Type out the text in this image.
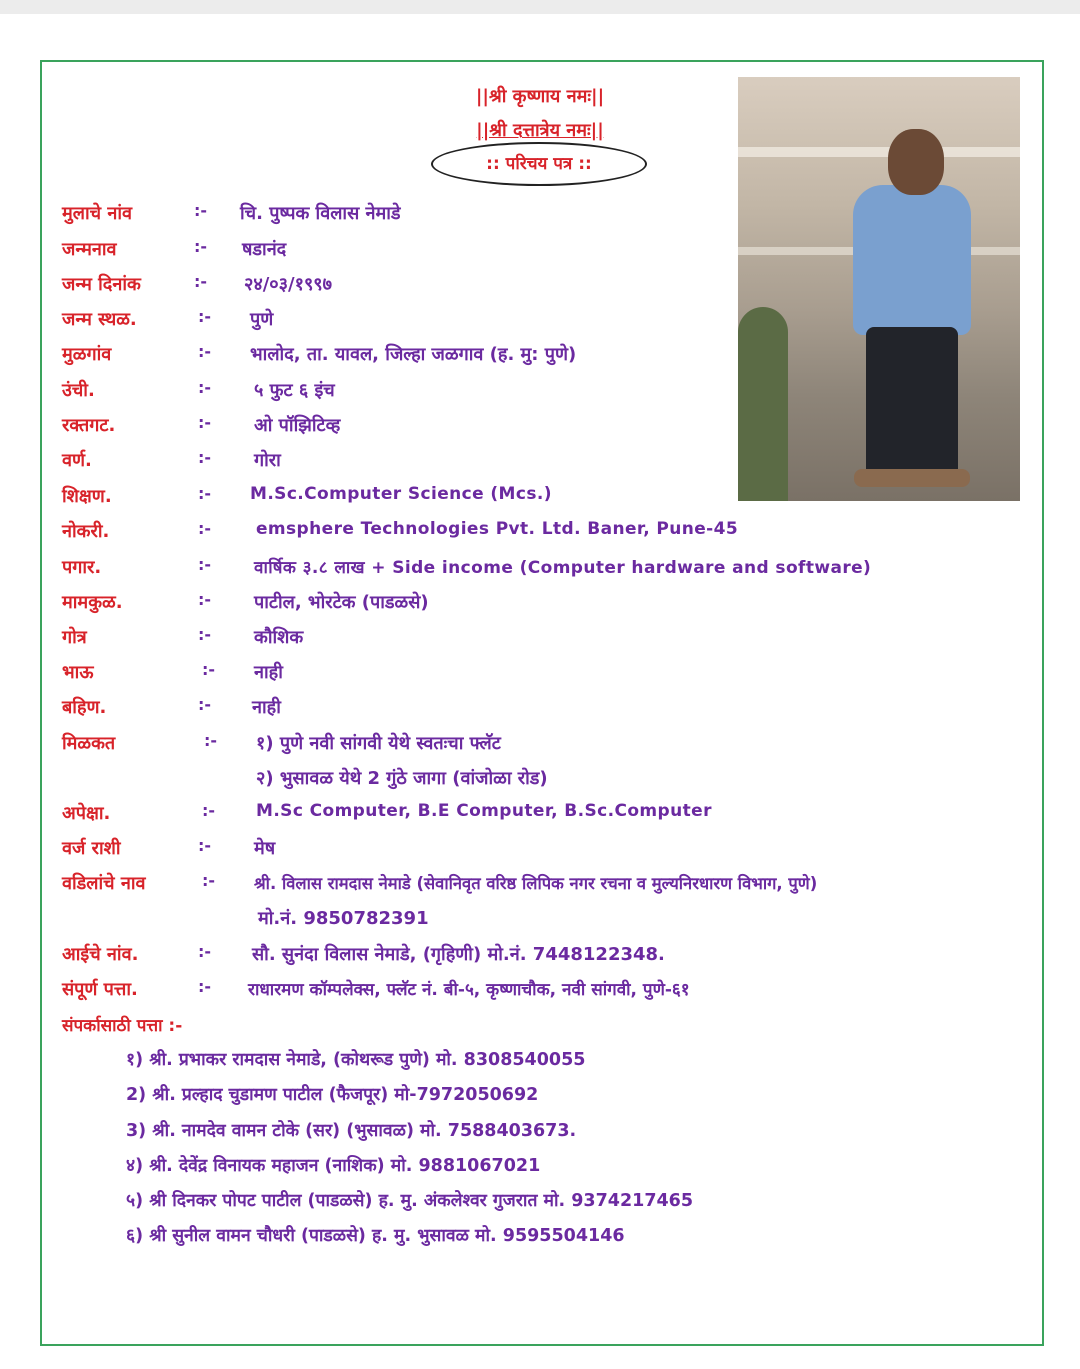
||श्री कृष्णाय नमः||
||श्री दत्तात्रेय नमः||
:: परिचय पत्र ::
मुलाचे नांव	:-	चि. पुष्पक विलास नेमाडे
जन्मनाव	:-	षडानंद
जन्म दिनांक	:-	२४/०३/१९९७
जन्म स्थळ.	:-	पुणे
मुळगांव	:-	भालोद, ता. यावल, जिल्हा जळगाव (ह. मु: पुणे)
उंची.	:-	५ फुट ६ इंच
रक्तगट.	:-	ओ पॉझिटिव्ह
वर्ण.	:-	गोरा
शिक्षण.	:-	M.Sc.Computer Science (Mcs.)
नोकरी.	:-	emsphere Technologies Pvt. Ltd. Baner, Pune-45
पगार.	:-	वार्षिक ३.८ लाख + Side income (Computer hardware and software)
मामकुळ.	:-	पाटील, भोरटेक (पाडळसे)
गोत्र	:-	कौशिक
भाऊ	:-	नाही
बहिण.	:-	नाही
मिळकत	:-	१) पुणे नवी सांगवी येथे स्वतःचा फ्लॅट
२) भुसावळ येथे 2 गुंठे जागा (वांजोळा रोड)
अपेक्षा.	:-	M.Sc Computer, B.E Computer, B.Sc.Computer
वर्ज राशी	:-	मेष
वडिलांचे नाव	:-	श्री. विलास रामदास नेमाडे (सेवानिवृत वरिष्ठ लिपिक नगर रचना व मुल्यनिरधारण विभाग, पुणे)
मो.नं. 9850782391
आईचे नांव.	:-	सौ. सुनंदा विलास नेमाडे, (गृहिणी) मो.नं. 7448122348.
संपूर्ण पत्ता.	:-	राधारमण कॉम्पलेक्स, फ्लॅट नं. बी-५, कृष्णाचौक, नवी सांगवी, पुणे-६१
संपर्कासाठी पत्ता :-
१) श्री. प्रभाकर रामदास नेमाडे, (कोथरूड पुणे) मो. 8308540055
2) श्री. प्रल्हाद चुडामण पाटील (फैजपूर) मो-7972050692
3) श्री. नामदेव वामन टोके (सर) (भुसावळ) मो. 7588403673.
४) श्री. देवेंद्र विनायक महाजन (नाशिक) मो. 9881067021
५) श्री दिनकर पोपट पाटील (पाडळसे) ह. मु. अंकलेश्वर गुजरात मो. 9374217465
६) श्री सुनील वामन चौधरी (पाडळसे) ह. मु. भुसावळ मो. 9595504146
